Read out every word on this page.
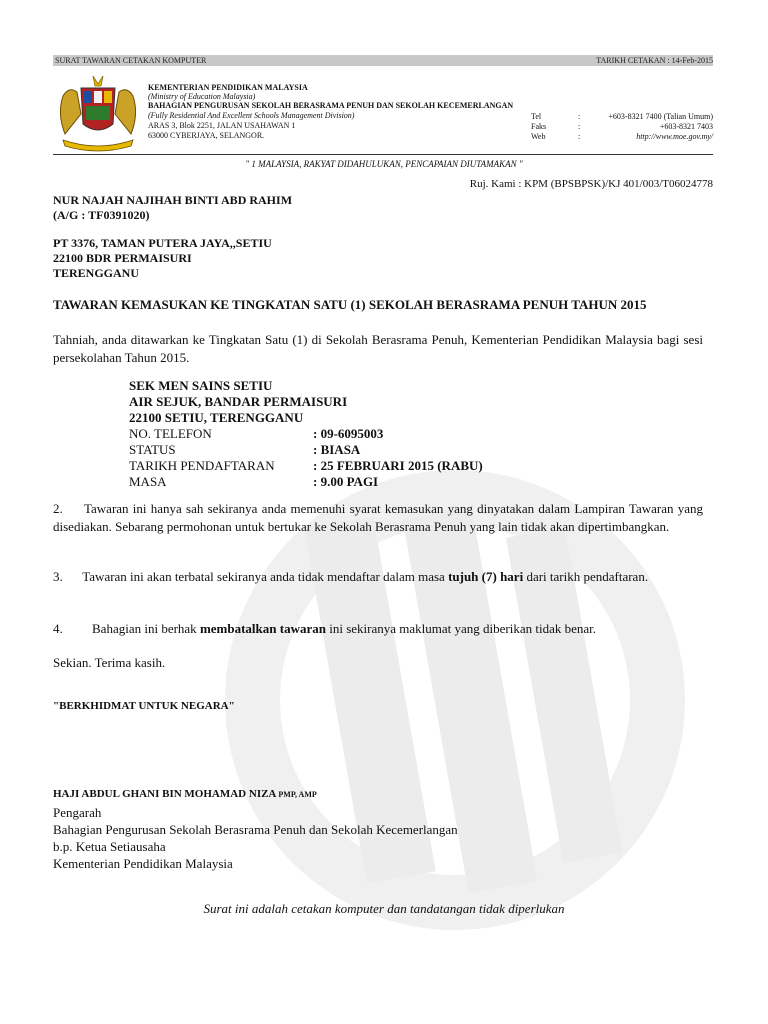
SURAT TAWARAN CETAKAN KOMPUTER	TARIKH CETAKAN : 14-Feb-2015
KEMENTERIAN PENDIDIKAN MALAYSIA
(Ministry of Education Malaysia)
BAHAGIAN PENGURUSAN SEKOLAH BERASRAMA PENUH DAN SEKOLAH KECEMERLANGAN
(Fully Residential And Excellent Schools Management Division)
ARAS 3, Blok 2251, JALAN USAHAWAN 1
63000 CYBERJAYA, SELANGOR.
Tel	:	+603-8321 7400 (Talian Umum)
Faks	:	+603-8321 7403
Web	:	http://www.moe.gov.my/
" 1 MALAYSIA, RAKYAT DIDAHULUKAN, PENCAPAIAN DIUTAMAKAN "
Ruj. Kami : KPM (BPSBPSK)/KJ 401/003/T06024778
NUR NAJAH NAJIHAH BINTI ABD RAHIM
(A/G : TF0391020)
PT 3376, TAMAN PUTERA JAYA,,SETIU
22100 BDR PERMAISURI
TERENGGANU
TAWARAN KEMASUKAN KE TINGKATAN SATU (1) SEKOLAH BERASRAMA PENUH TAHUN 2015
Tahniah, anda ditawarkan ke Tingkatan Satu (1) di Sekolah Berasrama Penuh, Kementerian Pendidikan Malaysia bagi sesi persekolahan Tahun 2015.
SEK MEN SAINS SETIU
AIR SEJUK, BANDAR PERMAISURI
22100 SETIU, TERENGGANU
NO. TELEFON	: 09-6095003
STATUS	: BIASA
TARIKH PENDAFTARAN	: 25 FEBRUARI 2015 (RABU)
MASA	: 9.00 PAGI
2. Tawaran ini hanya sah sekiranya anda memenuhi syarat kemasukan yang dinyatakan dalam Lampiran Tawaran yang disediakan. Sebarang permohonan untuk bertukar ke Sekolah Berasrama Penuh yang lain tidak akan dipertimbangkan.
3. Tawaran ini akan terbatal sekiranya anda tidak mendaftar dalam masa tujuh (7) hari dari tarikh pendaftaran.
4. Bahagian ini berhak membatalkan tawaran ini sekiranya maklumat yang diberikan tidak benar.
Sekian. Terima kasih.
"BERKHIDMAT UNTUK NEGARA"
HAJI ABDUL GHANI BIN MOHAMAD NIZA PMP, AMP
Pengarah
Bahagian Pengurusan Sekolah Berasrama Penuh dan Sekolah Kecemerlangan
b.p. Ketua Setiausaha
Kementerian Pendidikan Malaysia
Surat ini adalah cetakan komputer dan tandatangan tidak diperlukan
